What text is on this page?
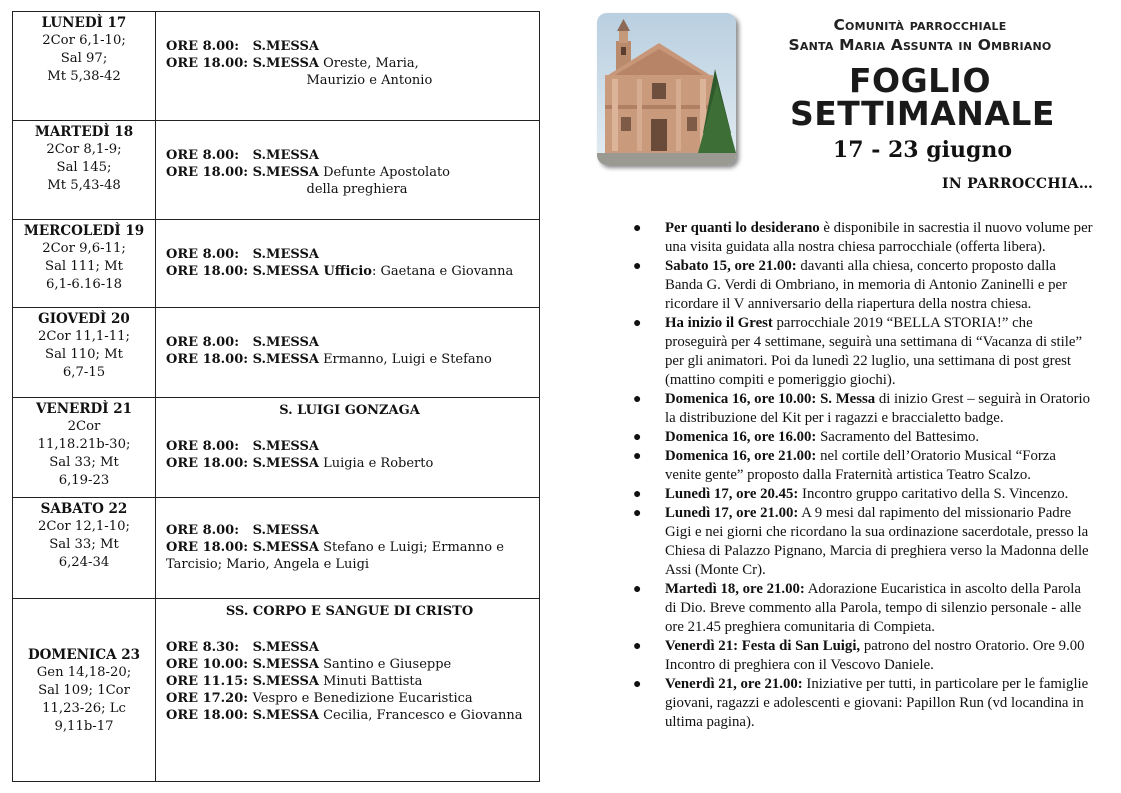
LUNEDÌ 17
2Cor 6,1-10;
Sal 97;
Mt 5,38-42
ORE 8.00:   S.MESSA
ORE 18.00: S.MESSA Oreste, Maria,
Maurizio e Antonio
MARTEDÌ 18
2Cor 8,1-9;
Sal 145;
Mt 5,43-48
ORE 8.00:   S.MESSA
ORE 18.00: S.MESSA Defunte Apostolato
della preghiera
MERCOLEDÌ 19
2Cor 9,6-11;
Sal 111; Mt
6,1-6.16-18
ORE 8.00:   S.MESSA
ORE 18.00: S.MESSA Ufficio: Gaetana e Giovanna
GIOVEDÌ 20
2Cor 11,1-11;
Sal 110; Mt
6,7-15
ORE 8.00:   S.MESSA
ORE 18.00: S.MESSA Ermanno, Luigi e Stefano
VENERDÌ 21
2Cor
11,18.21b-30;
Sal 33; Mt
6,19-23
S. LUIGI GONZAGA
ORE 8.00:   S.MESSA
ORE 18.00: S.MESSA Luigia e Roberto
SABATO 22
2Cor 12,1-10;
Sal 33; Mt
6,24-34
ORE 8.00:   S.MESSA
ORE 18.00: S.MESSA Stefano e Luigi; Ermanno e
Tarcisio; Mario, Angela e Luigi
DOMENICA 23
Gen 14,18-20;
Sal 109; 1Cor
11,23-26; Lc
9,11b-17
SS. CORPO E SANGUE DI CRISTO
ORE 8.30:   S.MESSA
ORE 10.00: S.MESSA Santino e Giuseppe
ORE 11.15: S.MESSA Minuti Battista
ORE 17.20: Vespro e Benedizione Eucaristica
ORE 18.00: S.MESSA Cecilia, Francesco e Giovanna
Comunità parrocchiale
Santa Maria Assunta in Ombriano
FOGLIO
SETTIMANALE
17 - 23 giugno
IN PARROCCHIA…
● Per quanti lo desiderano è disponibile in sacrestia il nuovo volume per una visita guidata alla nostra chiesa parrocchiale (offerta libera).
● Sabato 15, ore 21.00: davanti alla chiesa, concerto proposto dalla Banda G. Verdi di Ombriano, in memoria di Antonio Zaninelli e per ricordare il V anniversario della riapertura della nostra chiesa.
● Ha inizio il Grest parrocchiale 2019 “BELLA STORIA!” che proseguirà per 4 settimane, seguirà una settimana di “Vacanza di stile” per gli animatori. Poi da lunedì 22 luglio, una settimana di post grest (mattino compiti e pomeriggio giochi).
● Domenica 16, ore 10.00: S. Messa di inizio Grest – seguirà in Oratorio la distribuzione del Kit per i ragazzi e braccialetto badge.
● Domenica 16, ore 16.00: Sacramento del Battesimo.
● Domenica 16, ore 21.00: nel cortile dell’Oratorio Musical “Forza venite gente” proposto dalla Fraternità artistica Teatro Scalzo.
● Lunedì 17, ore 20.45: Incontro gruppo caritativo della S. Vincenzo.
● Lunedì 17, ore 21.00: A 9 mesi dal rapimento del missionario Padre Gigi e nei giorni che ricordano la sua ordinazione sacerdotale, presso la Chiesa di Palazzo Pignano, Marcia di preghiera verso la Madonna delle Assi (Monte Cr).
● Martedì 18, ore 21.00: Adorazione Eucaristica in ascolto della Parola di Dio. Breve commento alla Parola, tempo di silenzio personale - alle ore 21.45 preghiera comunitaria di Compieta.
● Venerdì 21: Festa di San Luigi, patrono del nostro Oratorio. Ore 9.00 Incontro di preghiera con il Vescovo Daniele.
● Venerdì 21, ore 21.00: Iniziative per tutti, in particolare per le famiglie giovani, ragazzi e adolescenti e giovani: Papillon Run (vd locandina in ultima pagina).
